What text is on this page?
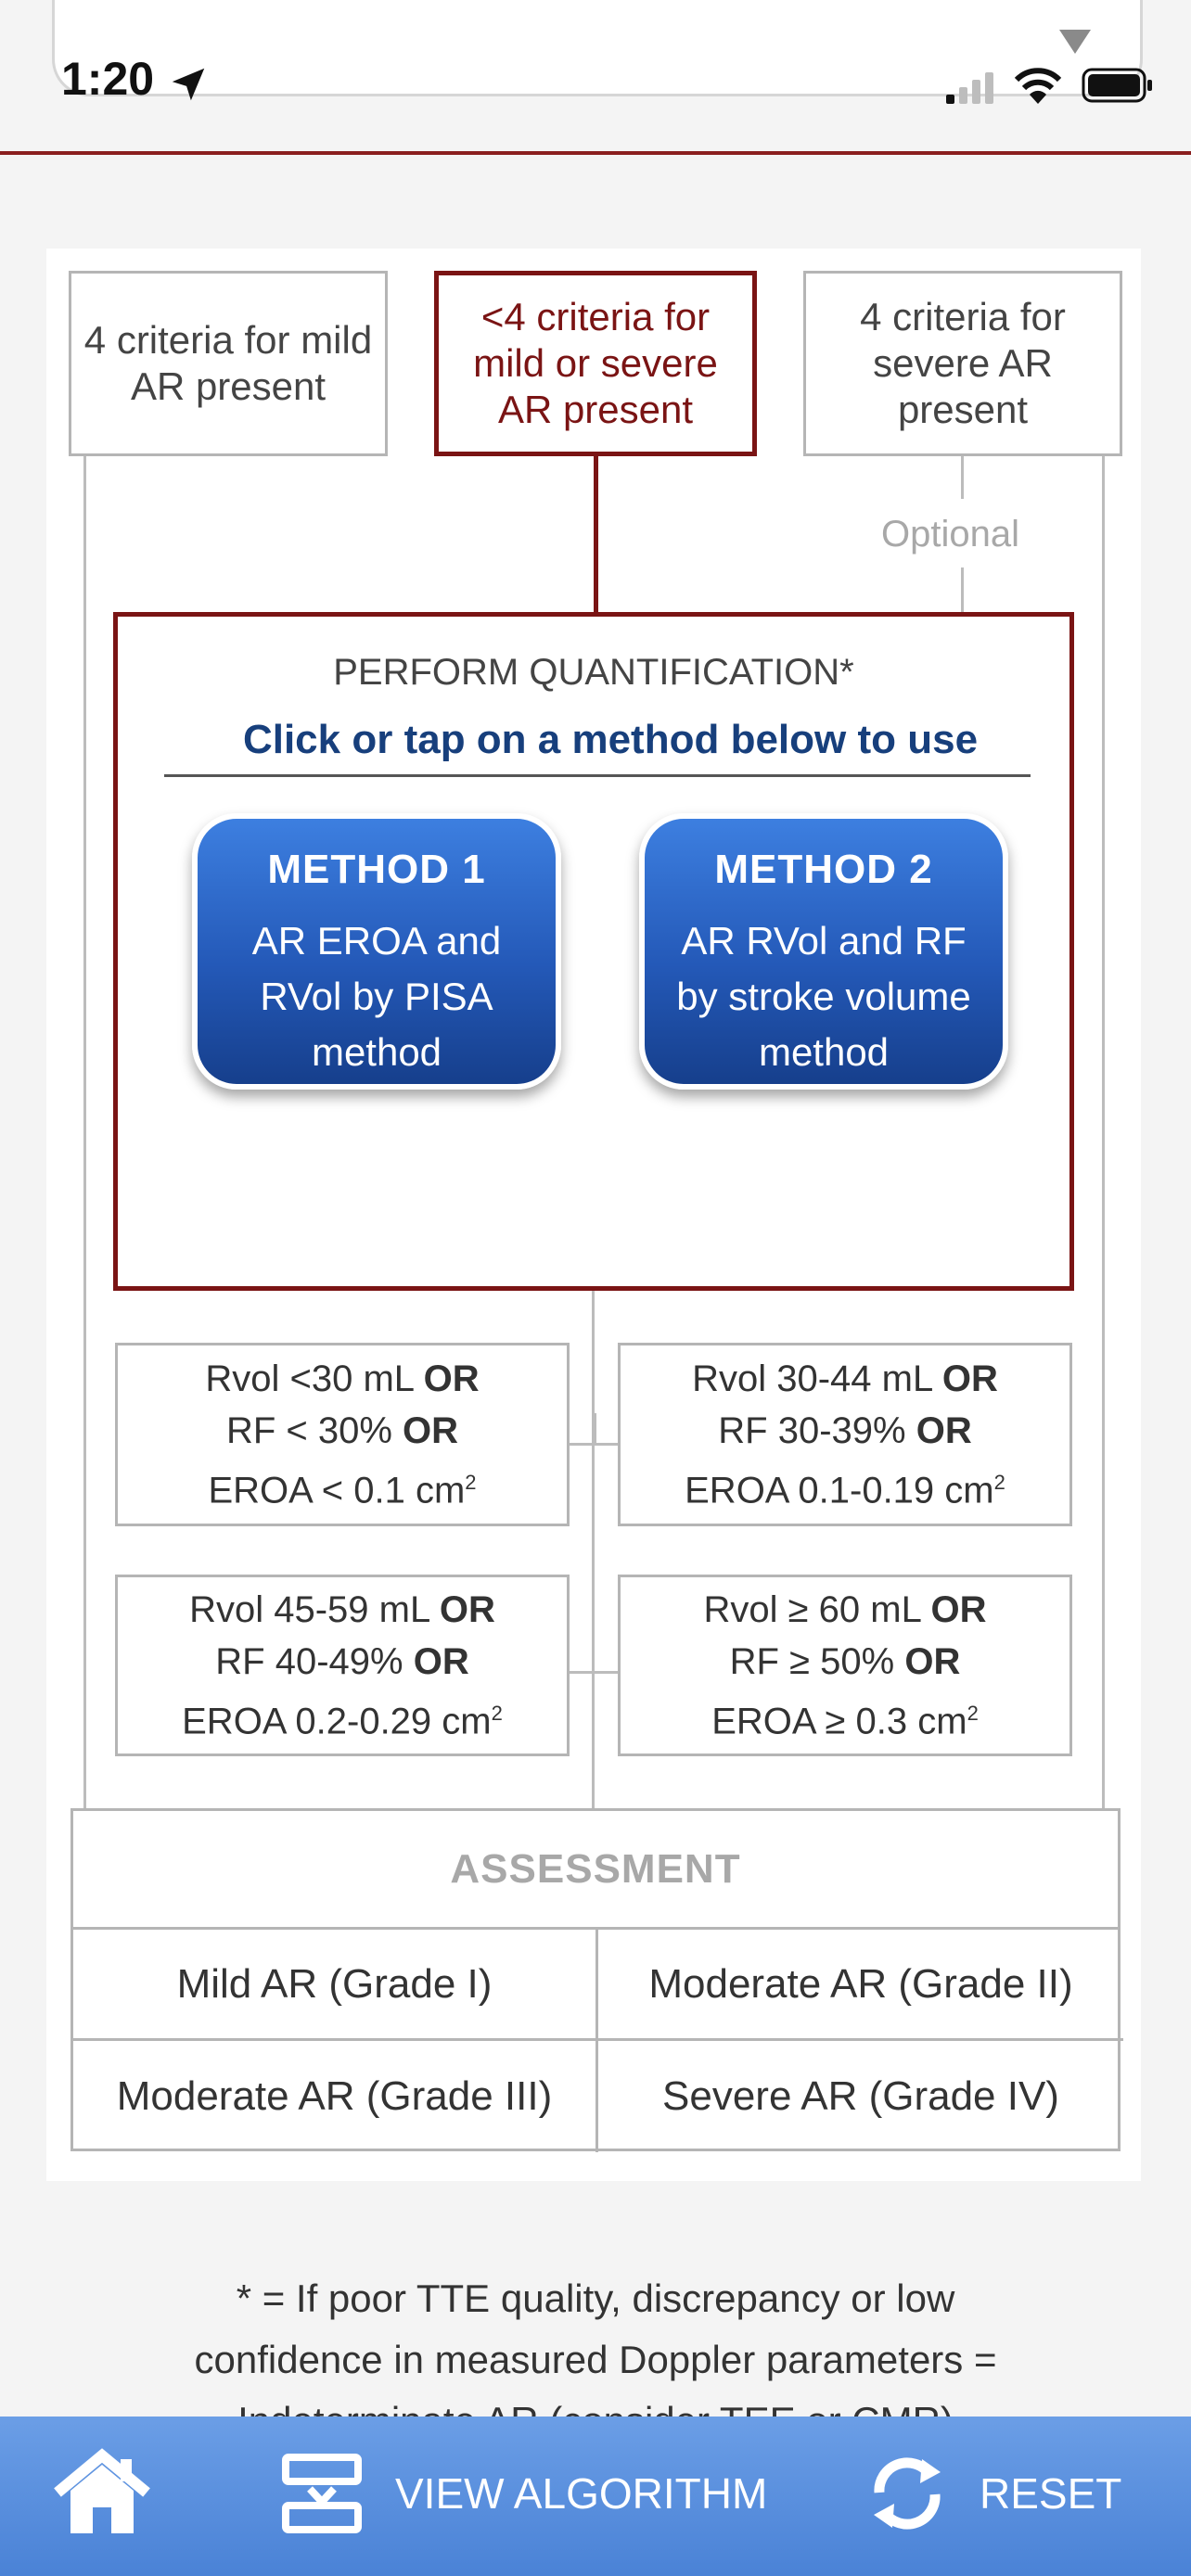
1:20
4 criteria for mild AR present
<4 criteria for mild or severe AR present
4 criteria for severe AR present
Optional
PERFORM QUANTIFICATION*
Click or tap on a method below to use
METHOD 1
AR EROA and RVol by PISA method
METHOD 2
AR RVol and RF by stroke volume method
Rvol <30 mL OR
RF < 30% OR
EROA < 0.1 $cm^2$
Rvol 30-44 mL OR
RF 30-39% OR
EROA 0.1-0.19 $cm^2$
Rvol 45-59 mL OR
RF 40-49% OR
EROA 0.2-0.29 $cm^2$
Rvol ≥ 60 mL OR
RF ≥ 50% OR
EROA ≥ 0.3 $cm^2$
ASSESSMENT
Mild AR (Grade I)	Moderate AR (Grade II)
Moderate AR (Grade III)	Severe AR (Grade IV)
* = If poor TTE quality, discrepancy or low
confidence in measured Doppler parameters =
VIEW ALGORITHM	RESET
